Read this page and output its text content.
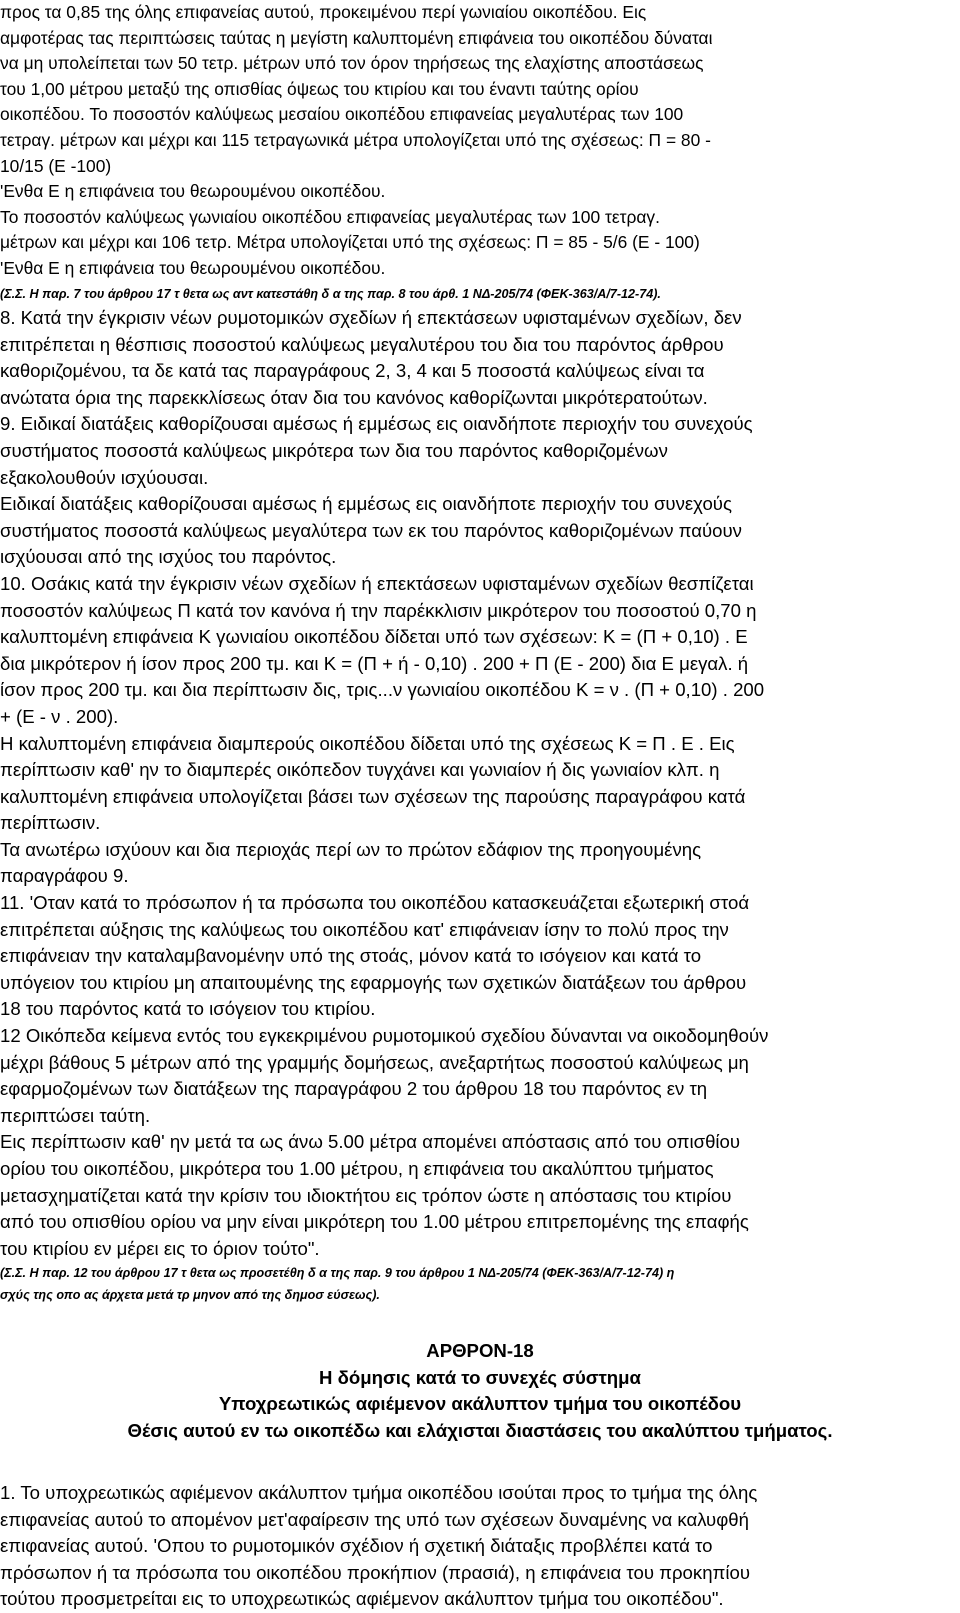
προς τα 0,85 της όλης επιφανείας αυτού, προκειμένου περί γωνιαίου οικοπέδου. Εις
αμφοτέρας τας περιπτώσεις ταύτας η μεγίστη καλυπτομένη επιφάνεια του οικοπέδου δύναται
να μη υπολείπεται των 50 τετρ. μέτρων υπό τον όρον τηρήσεως της ελαχίστης αποστάσεως
του 1,00 μέτρου μεταξύ της οπισθίας όψεως του κτιρίου και του έναντι ταύτης ορίου
οικοπέδου. Το ποσοστόν καλύψεως μεσαίου οικοπέδου επιφανείας μεγαλυτέρας των 100
τετραγ. μέτρων και μέχρι και 115 τετραγωνικά μέτρα υπολογίζεται υπό της σχέσεως: Π = 80 -
10/15 (Ε -100)
'Ενθα Ε η επιφάνεια του θεωρουμένου οικοπέδου.
Το ποσοστόν καλύψεως γωνιαίου οικοπέδου επιφανείας μεγαλυτέρας των 100 τετραγ.
μέτρων και μέχρι και 106 τετρ. Μέτρα υπολογίζεται υπό της σχέσεως: Π = 85 - 5/6 (Ε - 100)
'Ενθα Ε η επιφάνεια του θεωρουμένου οικοπέδου.
(Σ.Σ. Η παρ. 7 του άρθρου 17 τ θετα ως αντ κατεστάθη δ α της παρ. 8 του άρθ. 1 ΝΔ-205/74 (ΦΕΚ-363/Α/7-12-74).
8. Κατά την έγκρισιν νέων ρυμοτομικών σχεδίων ή επεκτάσεων υφισταμένων σχεδίων, δεν
επιτρέπεται η θέσπισις ποσοστού καλύψεως μεγαλυτέρου του δια του παρόντος άρθρου
καθοριζομένου, τα δε κατά τας παραγράφους 2, 3, 4 και 5 ποσοστά καλύψεως είναι τα
ανώτατα όρια της παρεκκλίσεως όταν δια του κανόνος καθορίζωνται μικρότερατούτων.
9. Ειδικαί διατάξεις καθορίζουσαι αμέσως ή εμμέσως εις οιανδήποτε περιοχήν του συνεχούς
συστήματος ποσοστά καλύψεως μικρότερα των δια του παρόντος καθοριζομένων
εξακολουθούν ισχύουσαι.
Ειδικαί διατάξεις καθορίζουσαι αμέσως ή εμμέσως εις οιανδήποτε περιοχήν του συνεχούς
συστήματος ποσοστά καλύψεως μεγαλύτερα των εκ του παρόντος καθοριζομένων παύουν
ισχύουσαι από της ισχύος του παρόντος.
10. Οσάκις κατά την έγκρισιν νέων σχεδίων ή επεκτάσεων υφισταμένων σχεδίων θεσπίζεται
ποσοστόν καλύψεως Π κατά τον κανόνα ή την παρέκκλισιν μικρότερον του ποσοστού 0,70 η
καλυπτομένη επιφάνεια Κ γωνιαίου οικοπέδου δίδεται υπό των σχέσεων: Κ = (Π + 0,10) . Ε
δια μικρότερον ή ίσον προς 200 τμ. και Κ = (Π + ή - 0,10) . 200 + Π (Ε - 200) δια Ε μεγαλ. ή
ίσον προς 200 τμ. και δια περίπτωσιν δις, τρις...ν γωνιαίου οικοπέδου Κ = ν . (Π + 0,10) . 200
+ (Ε - ν . 200).
Η καλυπτομένη επιφάνεια διαμπερούς οικοπέδου δίδεται υπό της σχέσεως Κ = Π . Ε . Εις
περίπτωσιν καθ' ην το διαμπερές οικόπεδον τυγχάνει και γωνιαίον ή δις γωνιαίον κλπ. η
καλυπτομένη επιφάνεια υπολογίζεται βάσει των σχέσεων της παρούσης παραγράφου κατά
περίπτωσιν.
Τα ανωτέρω ισχύουν και δια περιοχάς περί ων το πρώτον εδάφιον της προηγουμένης
παραγράφου 9.
11. 'Οταν κατά το πρόσωπον ή τα πρόσωπα του οικοπέδου κατασκευάζεται εξωτερική στοά
επιτρέπεται αύξησις της καλύψεως του οικοπέδου κατ' επιφάνειαν ίσην το πολύ προς την
επιφάνειαν την καταλαμβανομένην υπό της στοάς, μόνον κατά το ισόγειον και κατά το
υπόγειον του κτιρίου μη απαιτουμένης της εφαρμογής των σχετικών διατάξεων του άρθρου
18 του παρόντος κατά το ισόγειον του κτιρίου.
12 Οικόπεδα κείμενα εντός του εγκεκριμένου ρυμοτομικού σχεδίου δύνανται να οικοδομηθούν
μέχρι βάθους 5 μέτρων από της γραμμής δομήσεως, ανεξαρτήτως ποσοστού καλύψεως μη
εφαρμοζομένων των διατάξεων της παραγράφου 2 του άρθρου 18 του παρόντος εν τη
περιπτώσει ταύτη.
Εις περίπτωσιν καθ' ην μετά τα ως άνω 5.00 μέτρα απομένει απόστασις από του οπισθίου
ορίου του οικοπέδου, μικρότερα του 1.00 μέτρου, η επιφάνεια του ακαλύπτου τμήματος
μετασχηματίζεται κατά την κρίσιν του ιδιοκτήτου εις τρόπον ώστε η απόστασις του κτιρίου
από του οπισθίου ορίου να μην είναι μικρότερη του 1.00 μέτρου επιτρεπομένης της επαφής
του κτιρίου εν μέρει εις το όριον τούτο".
(Σ.Σ. Η παρ. 12 του άρθρου 17 τ θετα ως προσετέθη δ α της παρ. 9 του άρθρου 1 ΝΔ-205/74 (ΦΕΚ-363/Α/7-12-74) η
σχύς της οπο ας άρχετα μετά τρ μηνον από της δημοσ εύσεως).
ΑΡΘΡΟΝ-18
Η δόμησις κατά το συνεχές σύστημα
Υποχρεωτικώς αφιέμενον ακάλυπτον τμήμα του οικοπέδου
Θέσις αυτού εν τω οικοπέδω και ελάχισται διαστάσεις του ακαλύπτου τμήματος.
1. Το υποχρεωτικώς αφιέμενον ακάλυπτον τμήμα οικοπέδου ισούται προς το τμήμα της όλης
επιφανείας αυτού το απομένον μετ'αφαίρεσιν της υπό των σχέσεων δυναμένης να καλυφθή
επιφανείας αυτού. 'Οπου το ρυμοτομικόν σχέδιον ή σχετική διάταξις προβλέπει κατά το
πρόσωπον ή τα πρόσωπα του οικοπέδου προκήπιον (πρασιά), η επιφάνεια του προκηπίου
τούτου προσμετρείται εις το υποχρεωτικώς αφιέμενον ακάλυπτον τμήμα του οικοπέδου".
